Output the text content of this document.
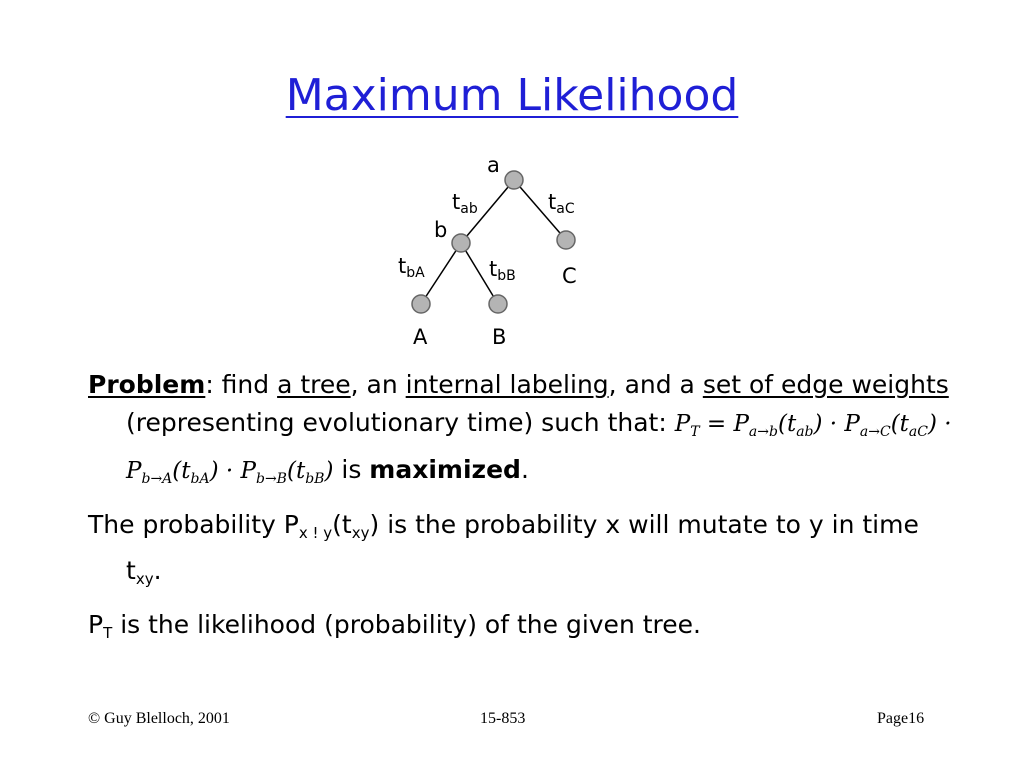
Maximum Likelihood
a
b
C
A	B
$t_{ab}$	$t_{aC}$
$t_{bA}$	$t_{bB}$
Problem: find a tree, an internal labeling, and a set of edge weights (representing evolutionary time) such that: $P_T = P_{a\to b}(t_{ab}) \cdot P_{a\to C}(t_{aC}) \cdot P_{b\to A}(t_{bA}) \cdot P_{b\to B}(t_{bB})$ is maximized.
The probability $P_{x ! y}(t_{xy})$ is the probability x will mutate to y in time $t_{xy}$.
$P_T$ is the likelihood (probability) of the given tree.
© Guy Blelloch, 2001	15-853	Page16
